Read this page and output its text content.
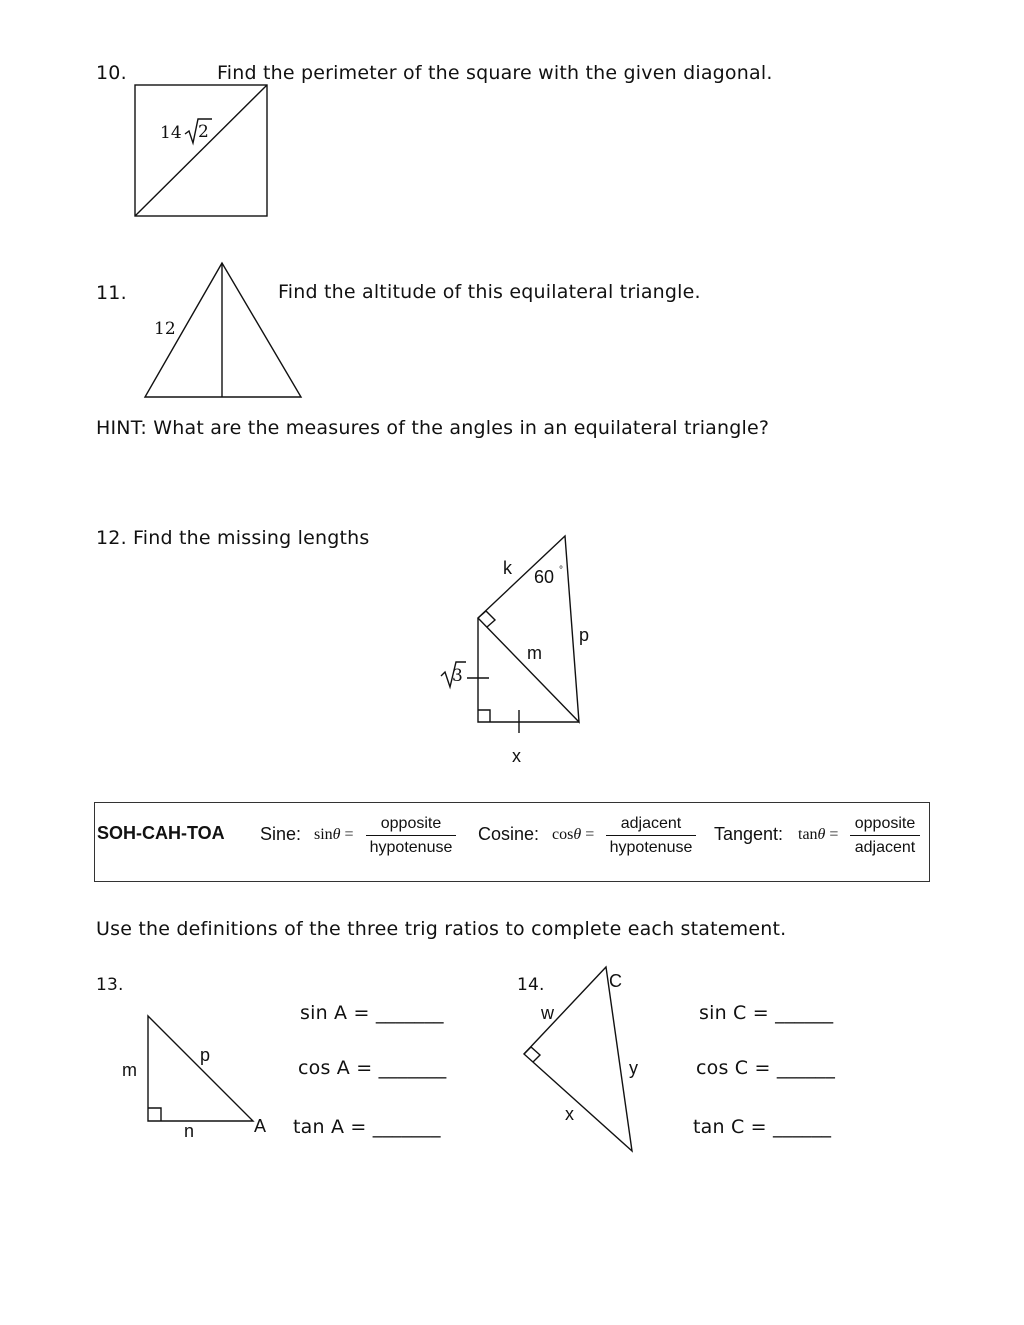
10.	Find the perimeter of the square with the given diagonal.
14 2
11.	Find the altitude of this equilateral triangle.
12
HINT: What are the measures of the angles in an equilateral triangle?
12. Find the missing lengths
k 60 °
p
m
3
x
SOH-CAH-TOA Sine: sinθ =
opposite
hypotenuse
Cosine: cosθ =
adjacent
hypotenuse
Tangent: tanθ =
opposite
adjacent
Use the definitions of the three trig ratios to complete each statement.
13.
m
p
n	A
sin A = _______
cos A = _______
tan A = _______
14.	C
w
y
x
sin C = ______
cos C = ______
tan C = ______
